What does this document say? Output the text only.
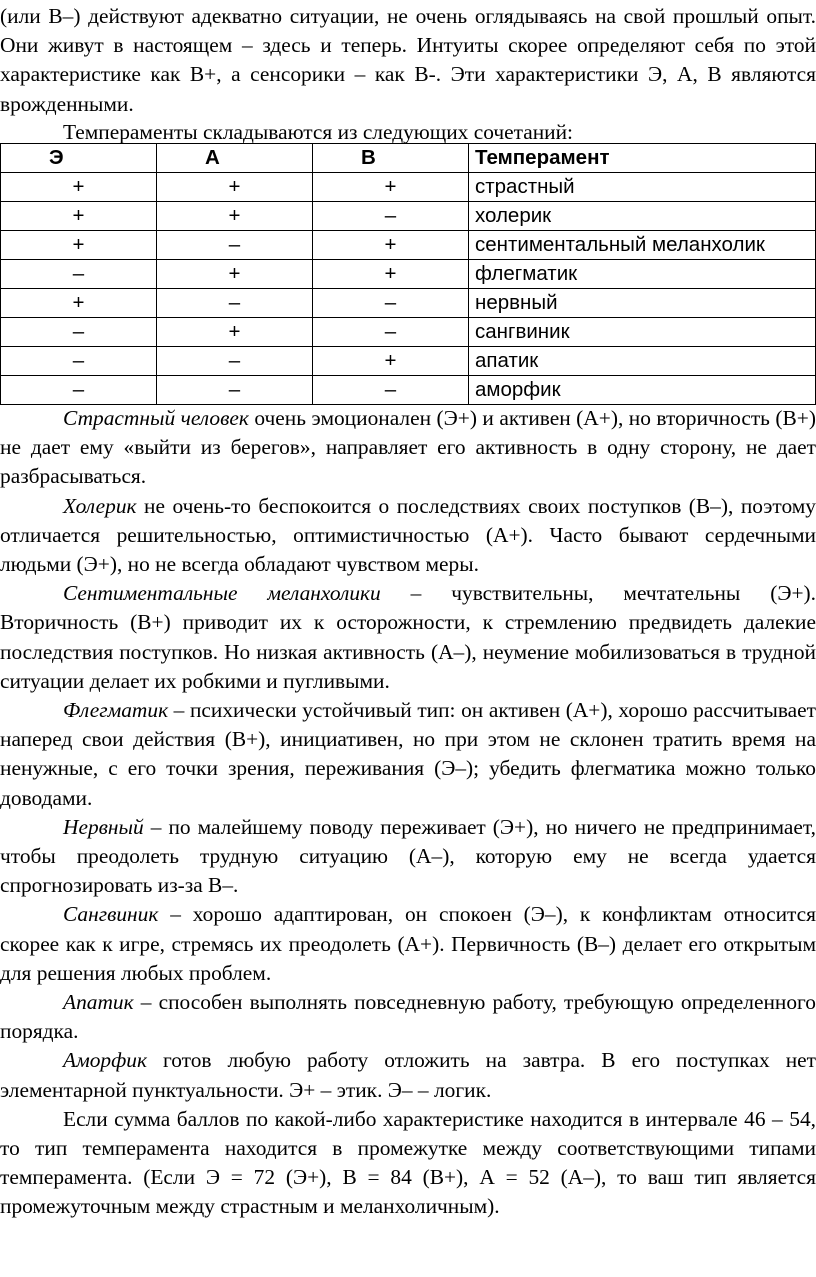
(или В–) действуют адекватно ситуации, не очень оглядываясь на свой прошлый опыт. Они живут в настоящем – здесь и теперь. Интуиты скорее определяют себя по этой характеристике как В+, а сенсорики – как В-. Эти характеристики Э, А, В являются врожденными.

Темпераменты складываются из следующих сочетаний:

Э	А	В	Темперамент
+	+	+	страстный
+	+	–	холерик
+	–	+	сентиментальный меланхолик
–	+	+	флегматик
+	–	–	нервный
–	+	–	сангвиник
–	–	+	апатик
–	–	–	аморфик

Страстный человек очень эмоционален (Э+) и активен (А+), но вторичность (В+) не дает ему «выйти из берегов», направляет его активность в одну сторону, не дает разбрасываться.

Холерик не очень-то беспокоится о последствиях своих поступков (В–), поэтому отличается решительностью, оптимистичностью (А+). Часто бывают сердечными людьми (Э+), но не всегда обладают чувством меры.

Сентиментальные меланхолики – чувствительны, мечтательны (Э+). Вторичность (В+) приводит их к осторожности, к стремлению предвидеть далекие последствия поступков. Но низкая активность (А–), неумение мобилизоваться в трудной ситуации делает их робкими и пугливыми.

Флегматик – психически устойчивый тип: он активен (А+), хорошо рассчитывает наперед свои действия (В+), инициативен, но при этом не склонен тратить время на ненужные, с его точки зрения, переживания (Э–); убедить флегматика можно только доводами.

Нервный – по малейшему поводу переживает (Э+), но ничего не предпринимает, чтобы преодолеть трудную ситуацию (А–), которую ему не всегда удается спрогнозировать из-за В–.

Сангвиник – хорошо адаптирован, он спокоен (Э–), к конфликтам относится скорее как к игре, стремясь их преодолеть (А+). Первичность (В–) делает его открытым для решения любых проблем.

Апатик – способен выполнять повседневную работу, требующую определенного порядка.

Аморфик готов любую работу отложить на завтра. В его поступках нет элементарной пунктуальности. Э+ – этик. Э– – логик.

Если сумма баллов по какой-либо характеристике находится в интервале 46 – 54, то тип темперамента находится в промежутке между соответствующими типами темперамента. (Если Э = 72 (Э+), В = 84 (В+), А = 52 (А–), то ваш тип является промежуточным между страстным и меланхоличным).
